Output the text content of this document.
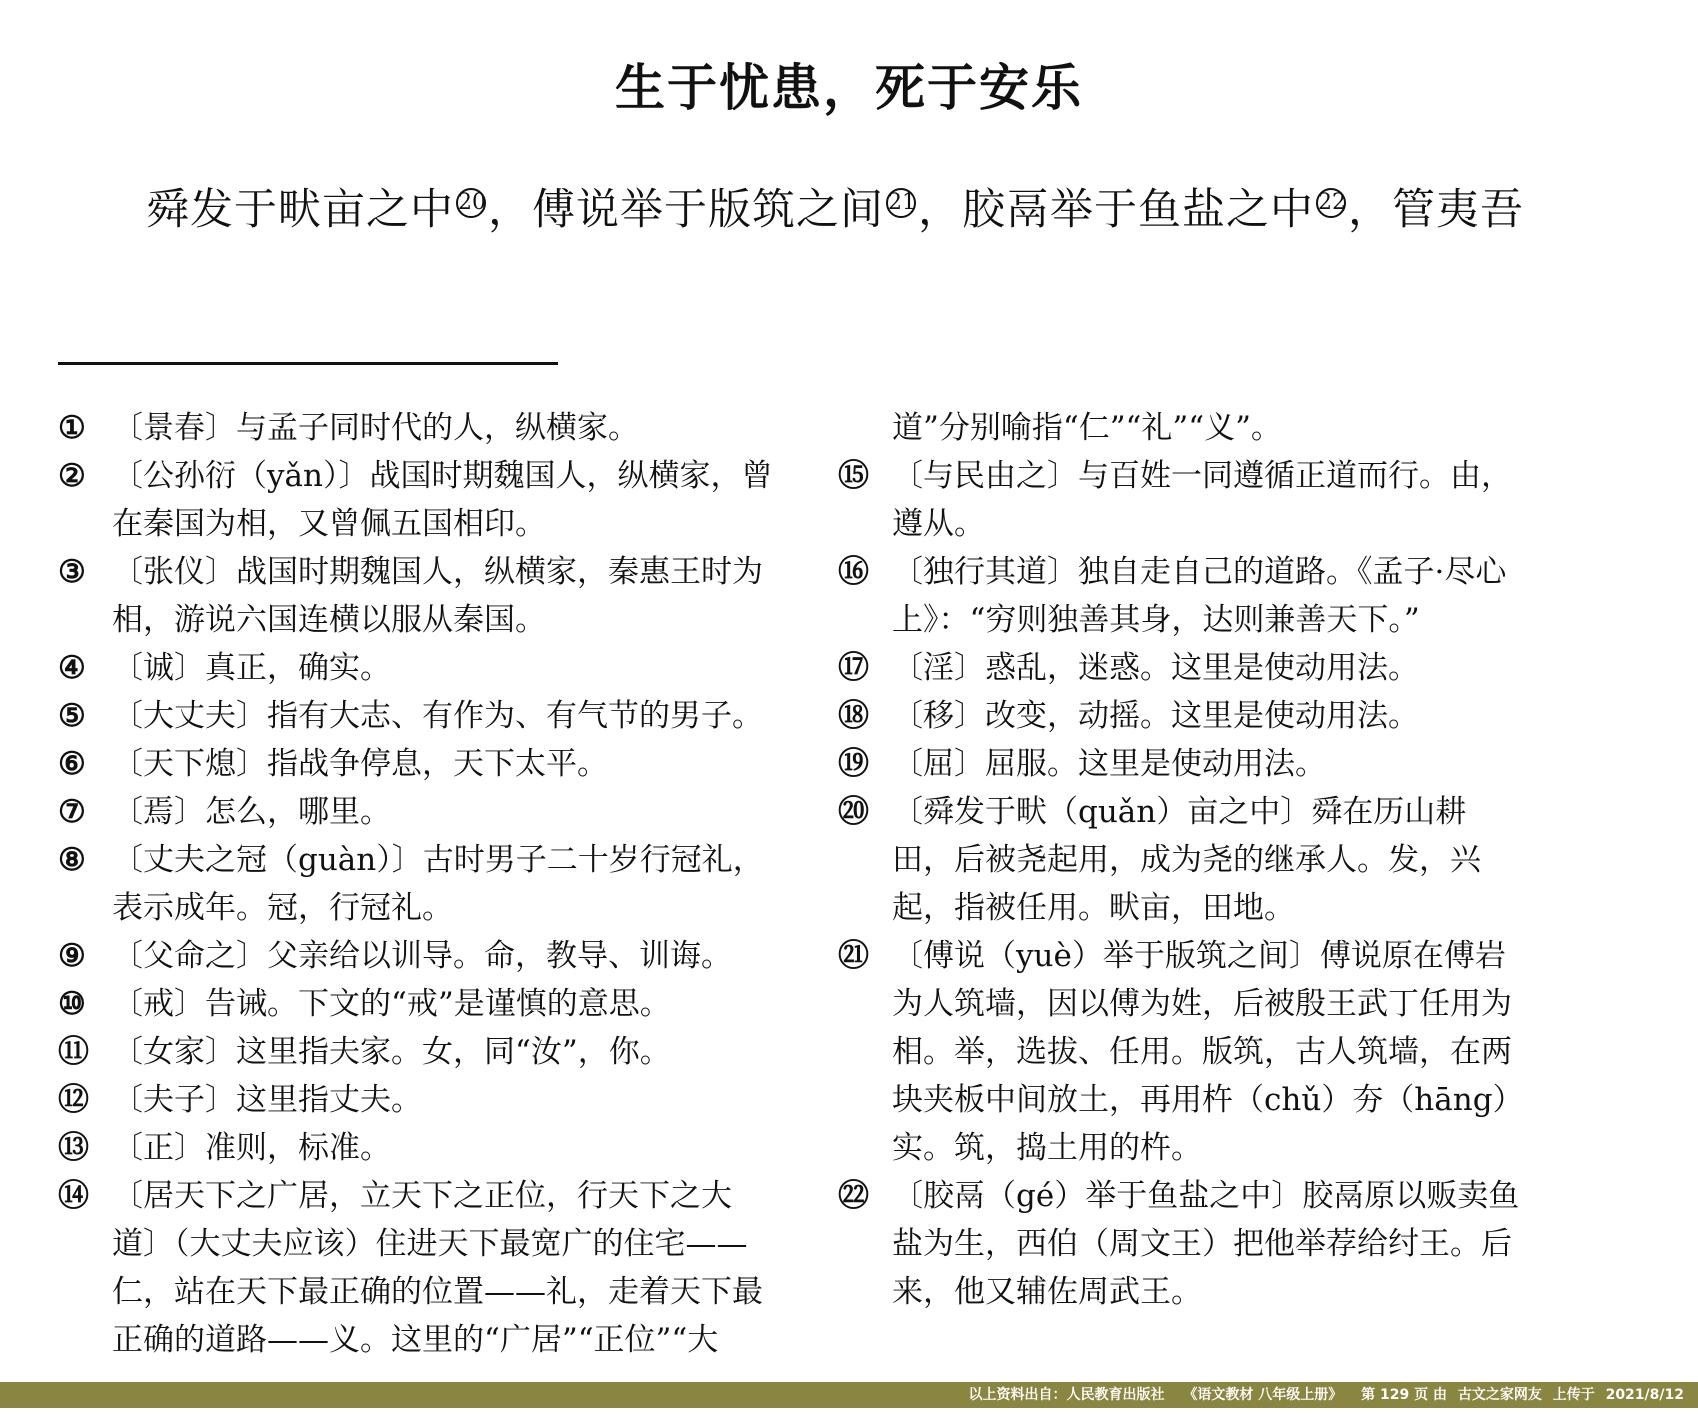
生于忧患，死于安乐
舜发于畎亩之中 20，傅说举于版筑之间 21，胶鬲举于鱼盐之中 22，管夷吾
① 〔景春〕与孟子同时代的人，纵横家。
② 〔公孙衍（yǎn）〕战国时期魏国人，纵横家，曾在秦国为相，又曾佩五国相印。
③ 〔张仪〕战国时期魏国人，纵横家，秦惠王时为相，游说六国连横以服从秦国。
④ 〔诚〕真正，确实。
⑤ 〔大丈夫〕指有大志、有作为、有气节的男子。
⑥ 〔天下熄〕指战争停息，天下太平。
⑦ 〔焉〕怎么，哪里。
⑧ 〔丈夫之冠（guàn）〕古时男子二十岁行冠礼，表示成年。冠，行冠礼。
⑨ 〔父命之〕父亲给以训导。命，教导、训诲。
⑩ 〔戒〕告诫。下文的“戒”是谨慎的意思。
⑪ 〔女家〕这里指夫家。女，同“汝”，你。
⑫ 〔夫子〕这里指丈夫。
⑬ 〔正〕准则，标准。
⑭ 〔居天下之广居，立天下之正位，行天下之大道〕（大丈夫应该）住进天下最宽广的住宅——仁，站在天下最正确的位置——礼，走着天下最正确的道路——义。这里的“广居”“正位”“大
道”分别喻指“仁”“礼”“义”。
⑮ 〔与民由之〕与百姓一同遵循正道而行。由，遵从。
⑯ 〔独行其道〕独自走自己的道路。《孟子·尽心上》：“穷则独善其身，达则兼善天下。”
⑰ 〔淫〕惑乱，迷惑。这里是使动用法。
⑱ 〔移〕改变，动摇。这里是使动用法。
⑲ 〔屈〕屈服。这里是使动用法。
⑳ 〔舜发于畎（quǎn）亩之中〕舜在历山耕田，后被尧起用，成为尧的继承人。发，兴起，指被任用。畎亩，田地。
㉑ 〔傅说（yuè）举于版筑之间〕傅说原在傅岩为人筑墙，因以傅为姓，后被殷王武丁任用为相。举，选拔、任用。版筑，古人筑墙，在两块夹板中间放土，再用杵（chǔ）夯（hāng）实。筑，捣土用的杵。
㉒ 〔胶鬲（gé）举于鱼盐之中〕胶鬲原以贩卖鱼盐为生，西伯（周文王）把他举荐给纣王。后来，他又辅佐周武王。
以上资料出自：人民教育出版社 《语文教材 八年级上册》 第 129 页 由 古文之家网友 上传于 2021/8/12
